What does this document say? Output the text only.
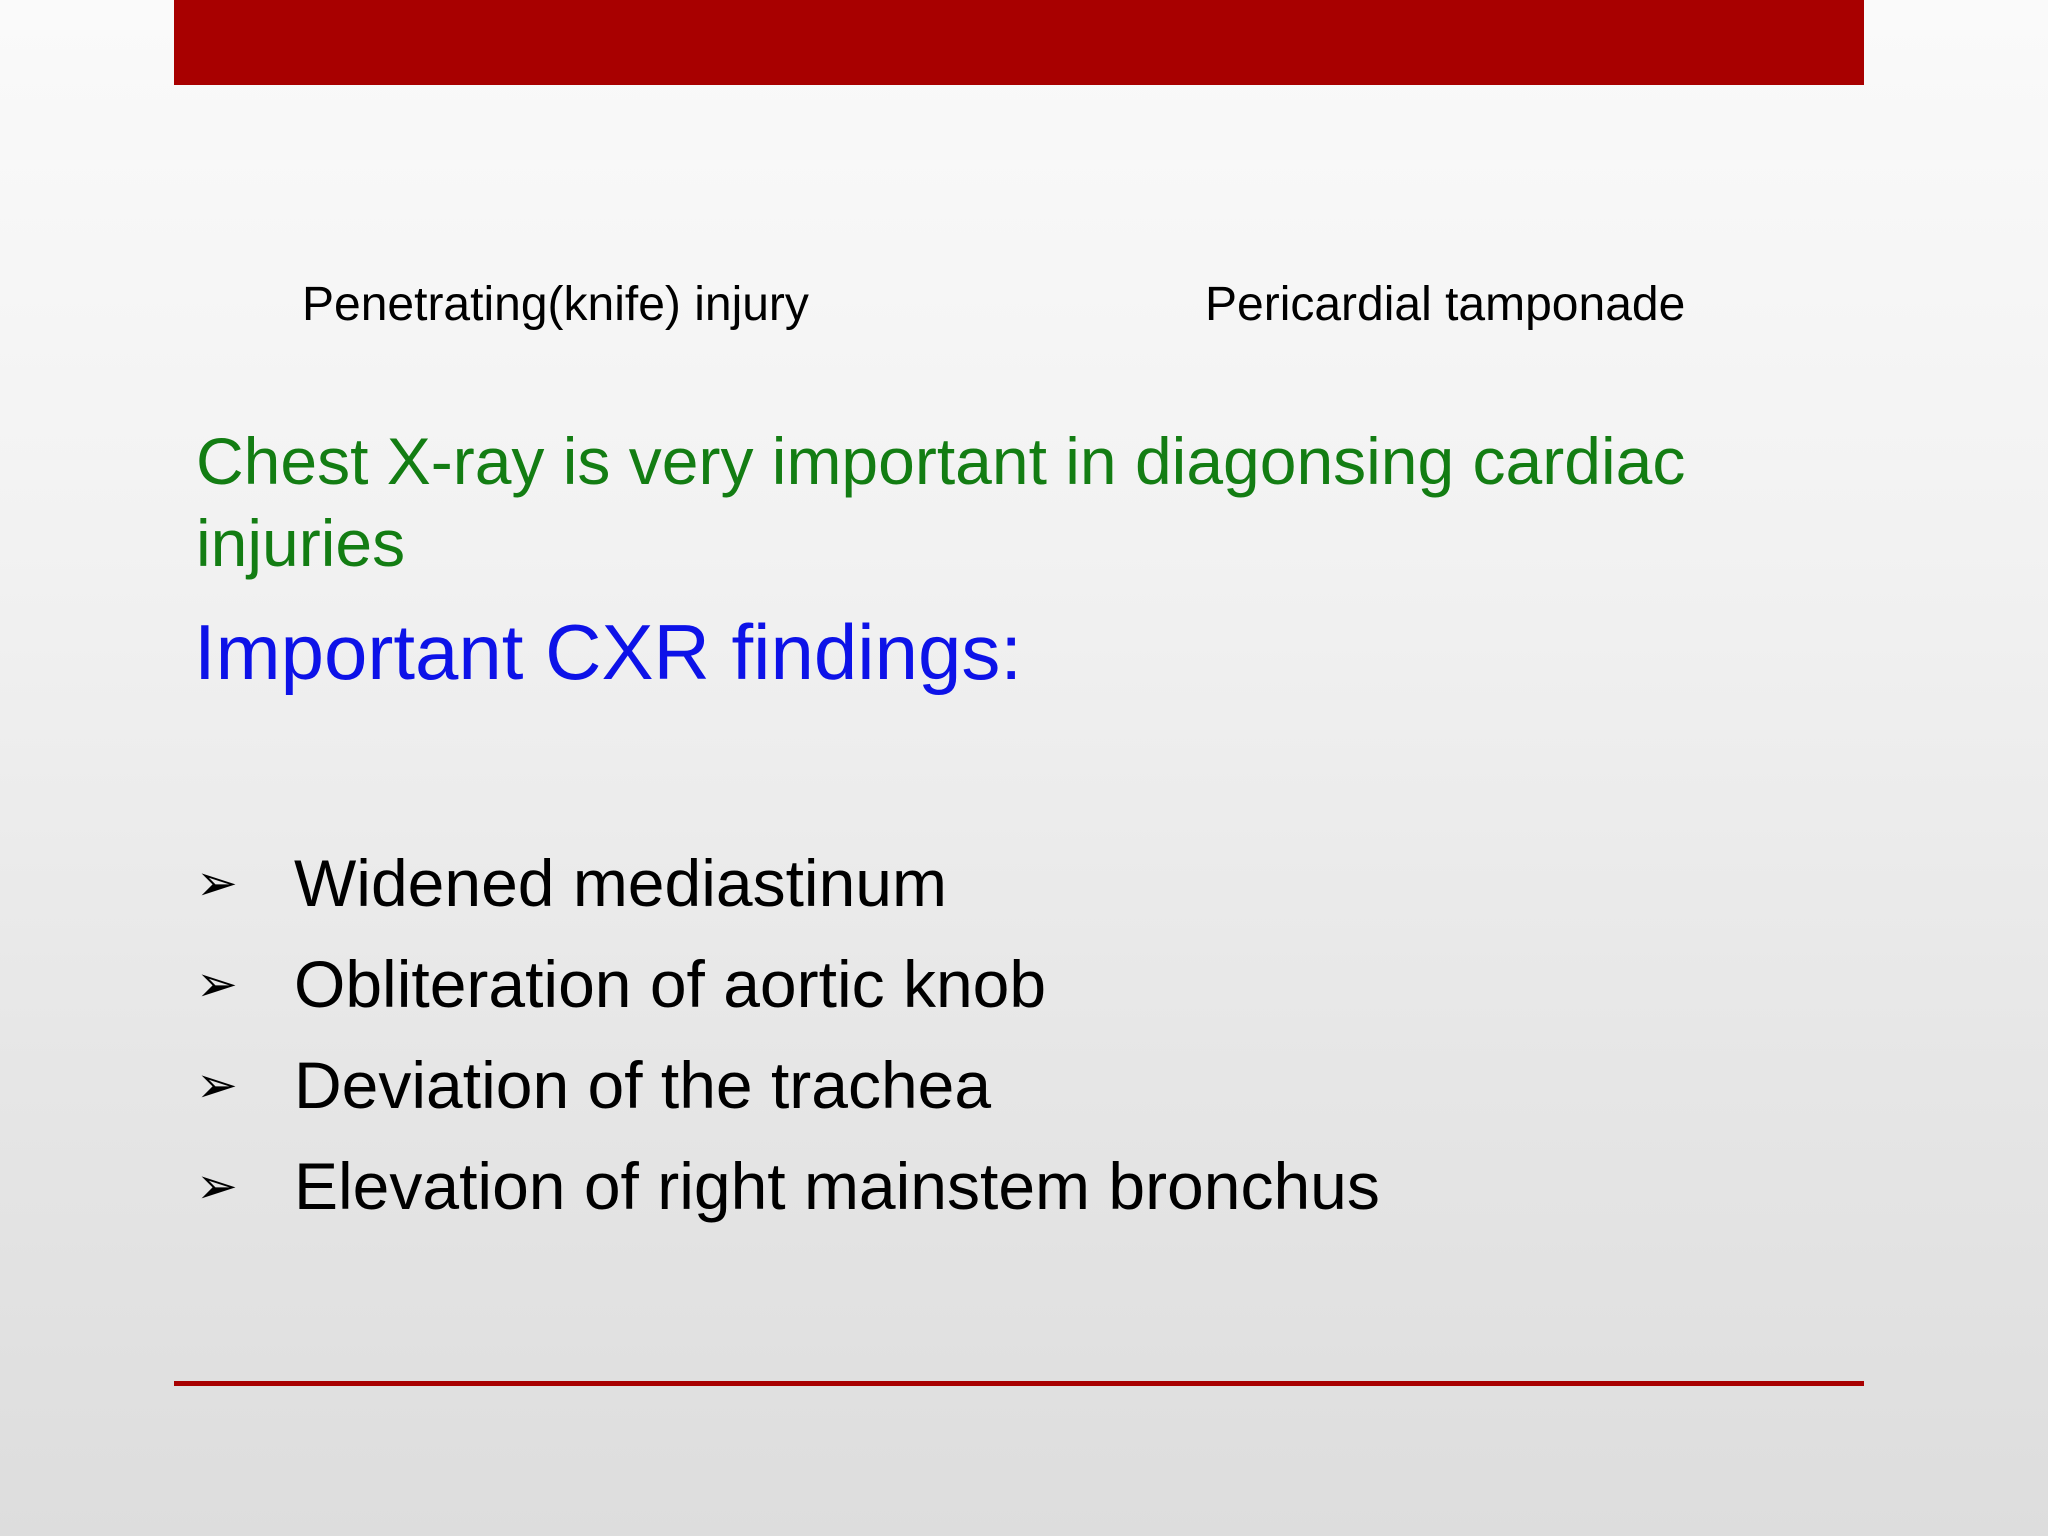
Penetrating(knife) injury	Pericardial tamponade
Chest X-ray is very important in diagonsing cardiac injuries
Important CXR findings:
➢ Widened mediastinum
➢ Obliteration of aortic knob
➢ Deviation of the trachea
➢ Elevation of right mainstem bronchus
